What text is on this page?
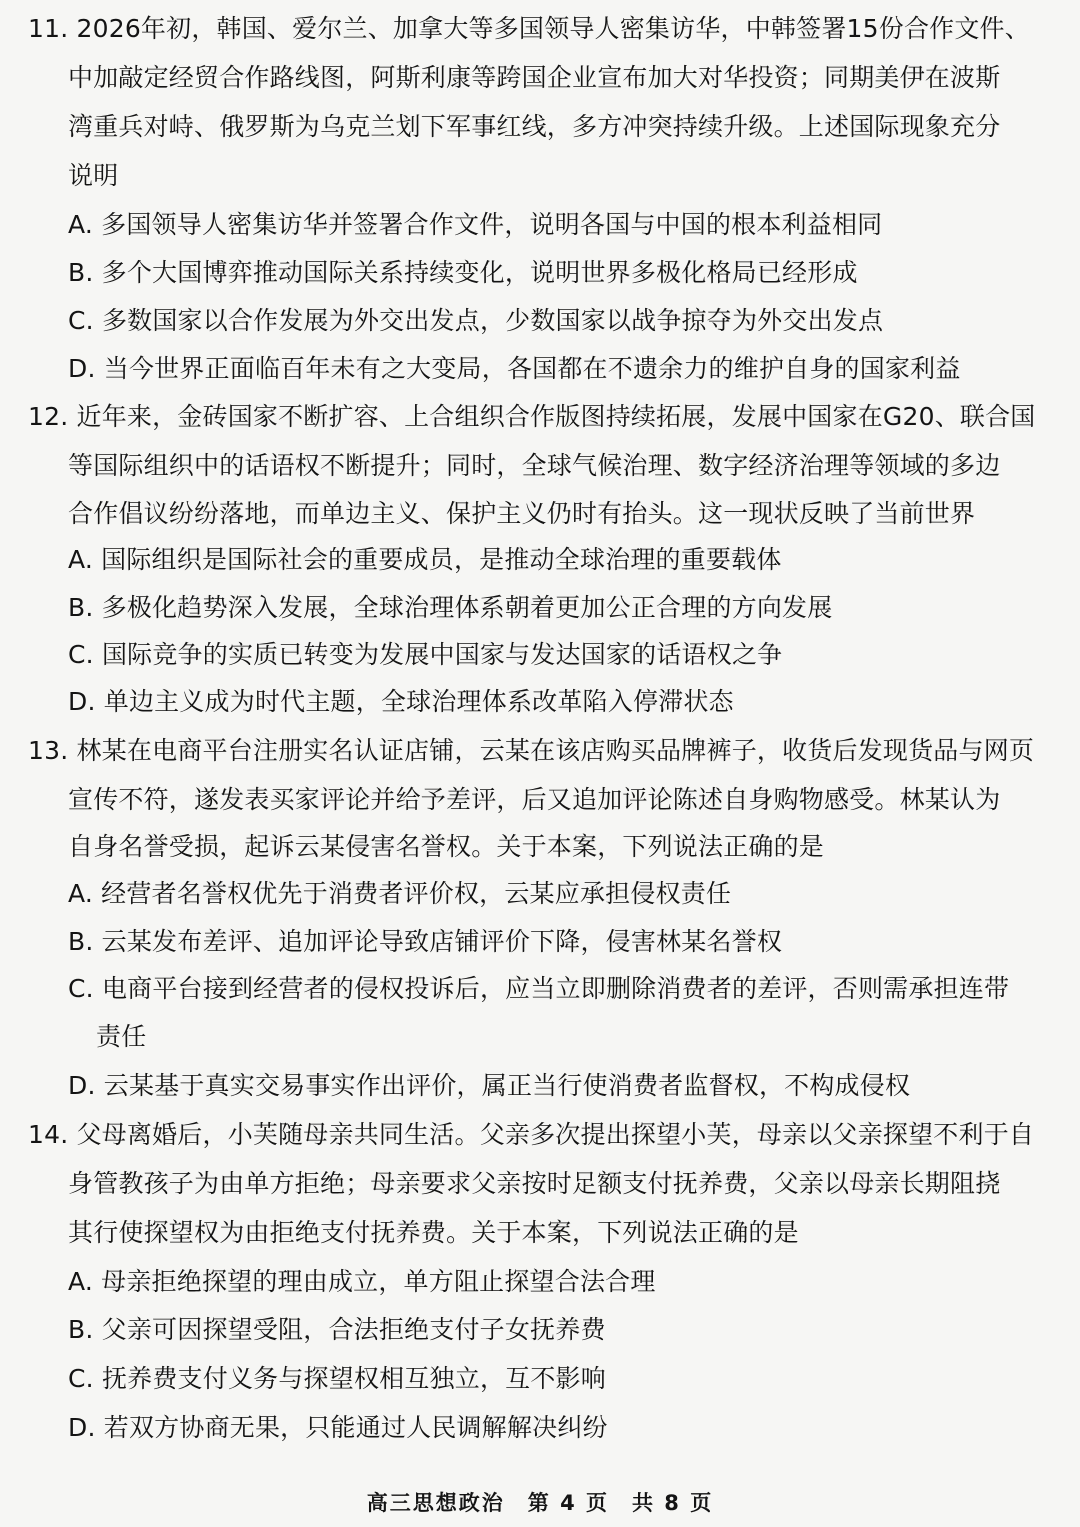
11. 2026年初，韩国、爱尔兰、加拿大等多国领导人密集访华，中韩签署15份合作文件、
中加敲定经贸合作路线图，阿斯利康等跨国企业宣布加大对华投资；同期美伊在波斯
湾重兵对峙、俄罗斯为乌克兰划下军事红线，多方冲突持续升级。上述国际现象充分
说明
A. 多国领导人密集访华并签署合作文件，说明各国与中国的根本利益相同
B. 多个大国博弈推动国际关系持续变化，说明世界多极化格局已经形成
C. 多数国家以合作发展为外交出发点，少数国家以战争掠夺为外交出发点
D. 当今世界正面临百年未有之大变局，各国都在不遗余力的维护自身的国家利益
12. 近年来，金砖国家不断扩容、上合组织合作版图持续拓展，发展中国家在G20、联合国
等国际组织中的话语权不断提升；同时，全球气候治理、数字经济治理等领域的多边
合作倡议纷纷落地，而单边主义、保护主义仍时有抬头。这一现状反映了当前世界
A. 国际组织是国际社会的重要成员，是推动全球治理的重要载体
B. 多极化趋势深入发展，全球治理体系朝着更加公正合理的方向发展
C. 国际竞争的实质已转变为发展中国家与发达国家的话语权之争
D. 单边主义成为时代主题，全球治理体系改革陷入停滞状态
13. 林某在电商平台注册实名认证店铺，云某在该店购买品牌裤子，收货后发现货品与网页
宣传不符，遂发表买家评论并给予差评，后又追加评论陈述自身购物感受。林某认为
自身名誉受损，起诉云某侵害名誉权。关于本案，下列说法正确的是
A. 经营者名誉权优先于消费者评价权，云某应承担侵权责任
B. 云某发布差评、追加评论导致店铺评价下降，侵害林某名誉权
C. 电商平台接到经营者的侵权投诉后，应当立即删除消费者的差评，否则需承担连带
责任
D. 云某基于真实交易事实作出评价，属正当行使消费者监督权，不构成侵权
14. 父母离婚后，小芙随母亲共同生活。父亲多次提出探望小芙，母亲以父亲探望不利于自
身管教孩子为由单方拒绝；母亲要求父亲按时足额支付抚养费，父亲以母亲长期阻挠
其行使探望权为由拒绝支付抚养费。关于本案，下列说法正确的是
A. 母亲拒绝探望的理由成立，单方阻止探望合法合理
B. 父亲可因探望受阻，合法拒绝支付子女抚养费
C. 抚养费支付义务与探望权相互独立，互不影响
D. 若双方协商无果，只能通过人民调解解决纠纷
高三思想政治　第 4 页　共 8 页
